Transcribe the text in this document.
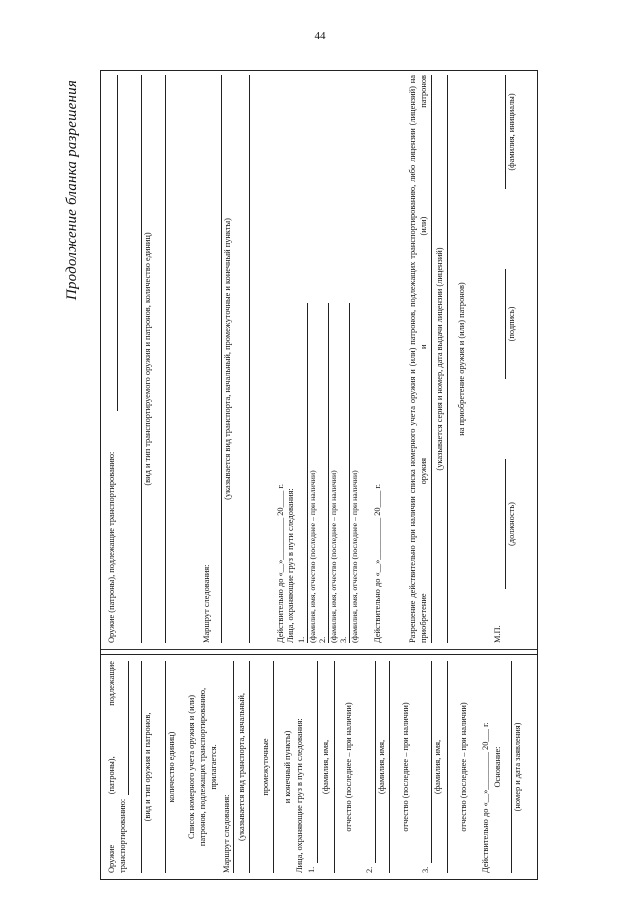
44
Продолжение бланка разрешения
Оружие (патроны), подлежащие транспортированию:
(вид и тип оружия и патронов, количество единиц) Список номерного учета оружия и (или) патронов, подлежащих транспортированию, прилагается.
Маршрут следования: (указывается вид транспорта, начальный, промежуточные и конечный пункты) Лица, охраняющие груз в пути следования: 1.
(фамилия, имя, отчество (последнее – при наличии)
2.
(фамилия, имя, отчество (последнее – при наличии)
3.
(фамилия, имя, отчество (последнее – при наличии) Действительно до «__»_________ 20___ г. Основание: (номер и дата заявления)
Оружие (патроны), подлежащие транспортированию:
(вид и тип транспортируемого оружия и патронов, количество единиц)
Маршрут следования:
(указывается вид транспорта, начальный, промежуточные и конечный пункты)
Действительно до «__»__________ 20____ г. Лица, охраняющие груз в пути следования: 1. (фамилия, имя, отчество (последнее – при наличии) 2. (фамилия, имя, отчество (последнее – при наличии) 3. (фамилия, имя, отчество (последнее – при наличии) Действительно до «__»__________ 20____ г.	Разрешение действительно при наличии списка номерного учета оружия и (или) патронов, подлежащих транспортированию, либо лицензии (лицензий) на приобретение оружия и (или) патронов (указывается серия и номер, дата выдачи лицензии (лицензий) на приобретение оружия и (или) патронов)
М.П.
(должность)
(подпись)
(фамилия, инициалы)
